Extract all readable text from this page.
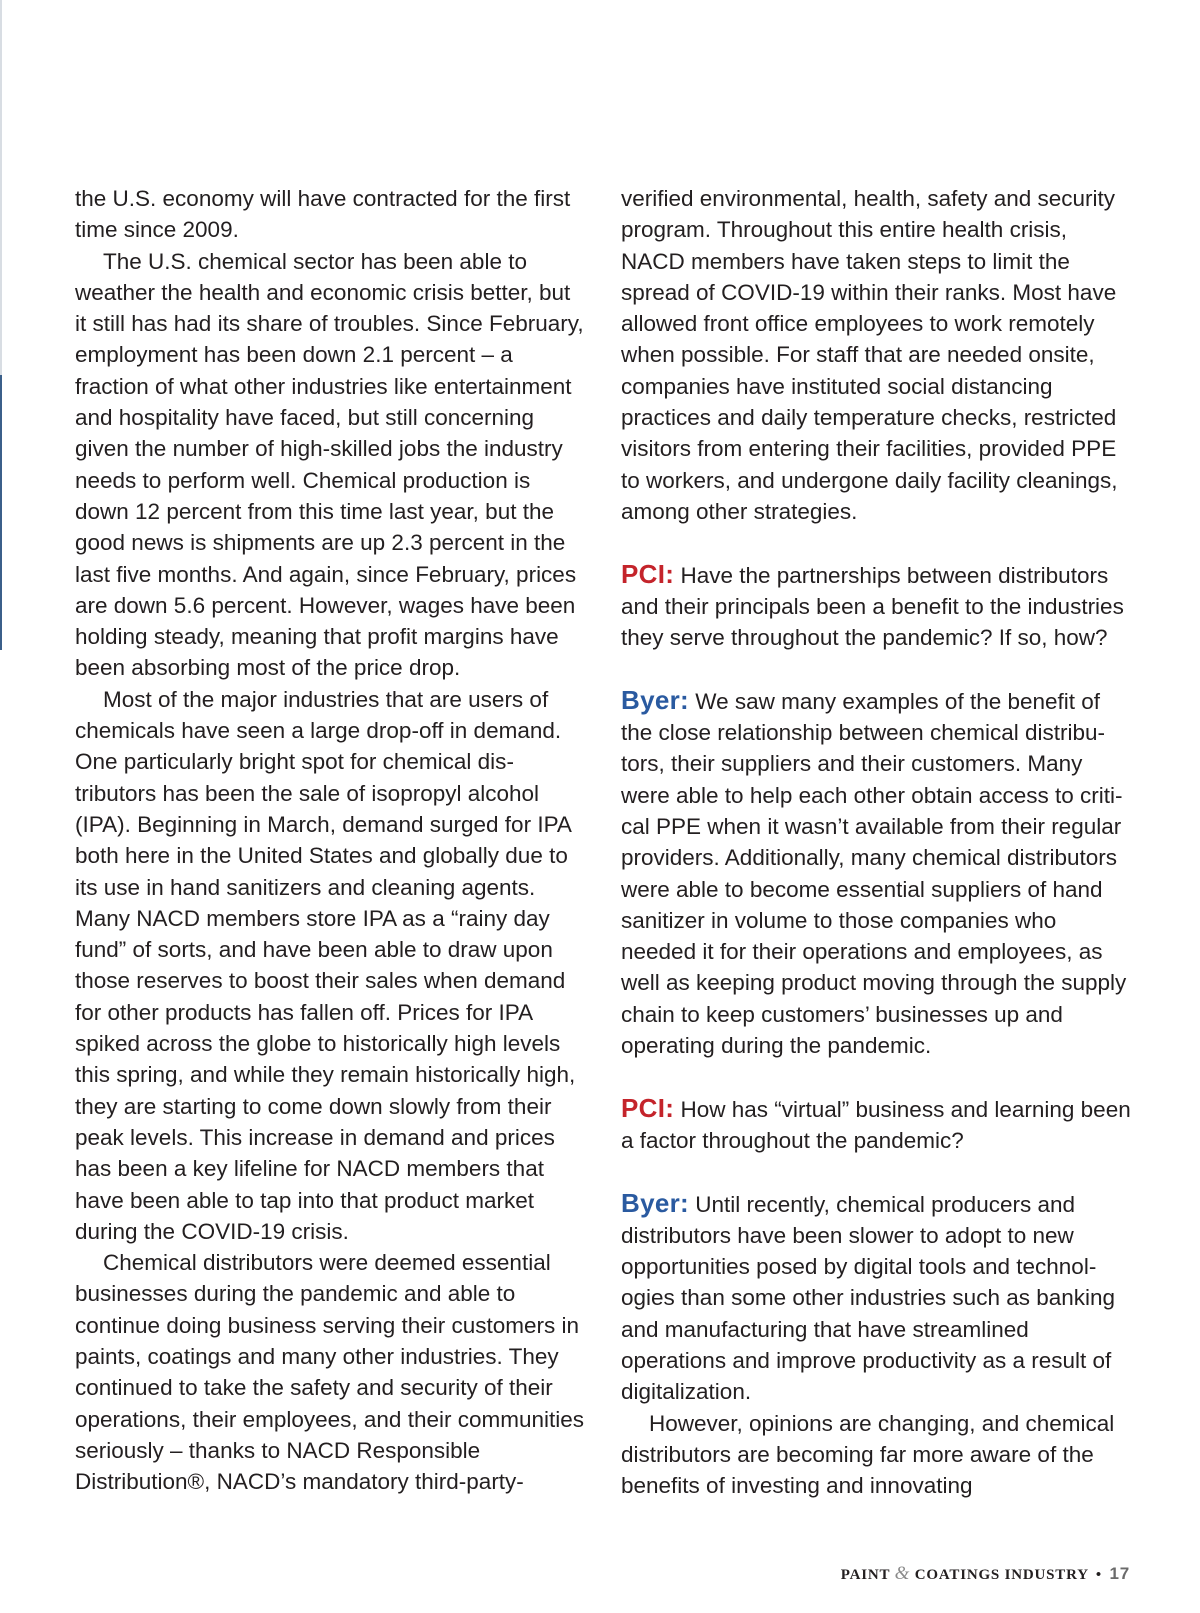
the U.S. economy will have contracted for the first time since 2009.

The U.S. chemical sector has been able to weather the health and economic crisis better, but it still has had its share of troubles. Since February, employment has been down 2.1 percent – a fraction of what other industries like entertainment and hospitality have faced, but still concerning given the number of high-skilled jobs the industry needs to perform well. Chemical production is down 12 percent from this time last year, but the good news is shipments are up 2.3 percent in the last five months. And again, since February, prices are down 5.6 percent. However, wages have been holding steady, meaning that profit margins have been absorbing most of the price drop.

Most of the major industries that are users of chemicals have seen a large drop-off in demand. One particularly bright spot for chemical distributors has been the sale of isopropyl alcohol (IPA). Beginning in March, demand surged for IPA both here in the United States and globally due to its use in hand sanitizers and cleaning agents. Many NACD members store IPA as a “rainy day fund” of sorts, and have been able to draw upon those reserves to boost their sales when demand for other products has fallen off. Prices for IPA spiked across the globe to historically high levels this spring, and while they remain historically high, they are starting to come down slowly from their peak levels. This increase in demand and prices has been a key lifeline for NACD members that have been able to tap into that product market during the COVID-19 crisis.

Chemical distributors were deemed essential businesses during the pandemic and able to continue doing business serving their customers in paints, coatings and many other industries. They continued to take the safety and security of their operations, their employees, and their communities seriously – thanks to NACD Responsible Distribution®, NACD’s mandatory third-party-

verified environmental, health, safety and security program. Throughout this entire health crisis, NACD members have taken steps to limit the spread of COVID-19 within their ranks. Most have allowed front office employees to work remotely when possible. For staff that are needed onsite, companies have instituted social distancing practices and daily temperature checks, restricted visitors from entering their facilities, provided PPE to workers, and undergone daily facility cleanings, among other strategies.

PCI: Have the partnerships between distributors and their principals been a benefit to the industries they serve throughout the pandemic? If so, how?

Byer: We saw many examples of the benefit of the close relationship between chemical distributors, their suppliers and their customers. Many were able to help each other obtain access to critical PPE when it wasn’t available from their regular providers. Additionally, many chemical distributors were able to become essential suppliers of hand sanitizer in volume to those companies who needed it for their operations and employees, as well as keeping product moving through the supply chain to keep customers’ businesses up and operating during the pandemic.

PCI: How has “virtual” business and learning been a factor throughout the pandemic?

Byer: Until recently, chemical producers and distributors have been slower to adopt to new opportunities posed by digital tools and technologies than some other industries such as banking and manufacturing that have streamlined operations and improve productivity as a result of digitalization.

However, opinions are changing, and chemical distributors are becoming far more aware of the benefits of investing and innovating

PAINT & COATINGS INDUSTRY • 17
